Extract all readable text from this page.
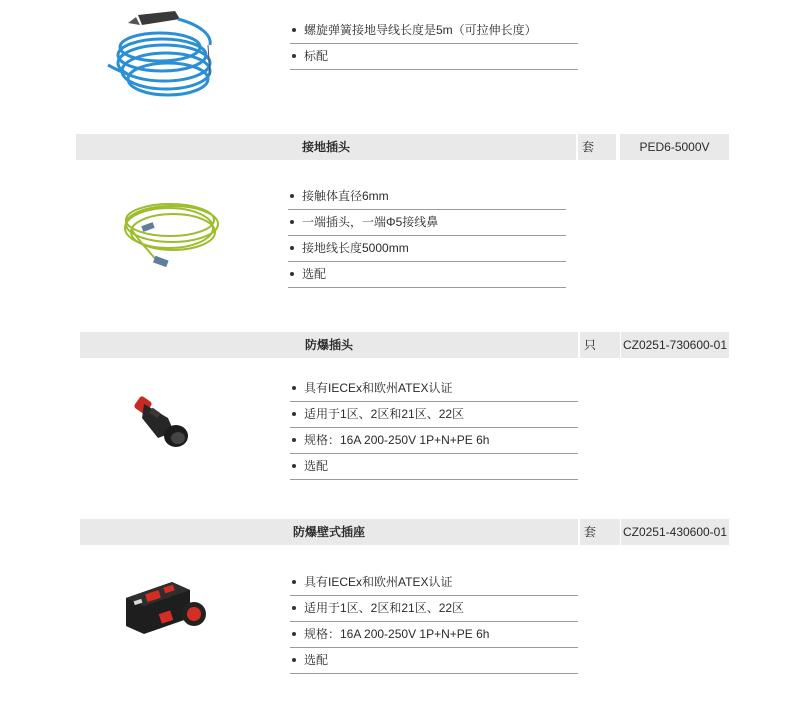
螺旋弹簧接地导线长度是5m（可拉伸长度）
标配
接地插头	套	PED6-5000V
接触体直径6mm
一端插头，一端Φ5接线鼻
接地线长度5000mm
选配
防爆插头	只	CZ0251-730600-01
具有IECEx和欧州ATEX认证
适用于1区、2区和21区、22区
规格：16A 200-250V 1P+N+PE 6h
选配
防爆壁式插座	套	CZ0251-430600-01
具有IECEx和欧州ATEX认证
适用于1区、2区和21区、22区
规格：16A 200-250V 1P+N+PE 6h
选配
